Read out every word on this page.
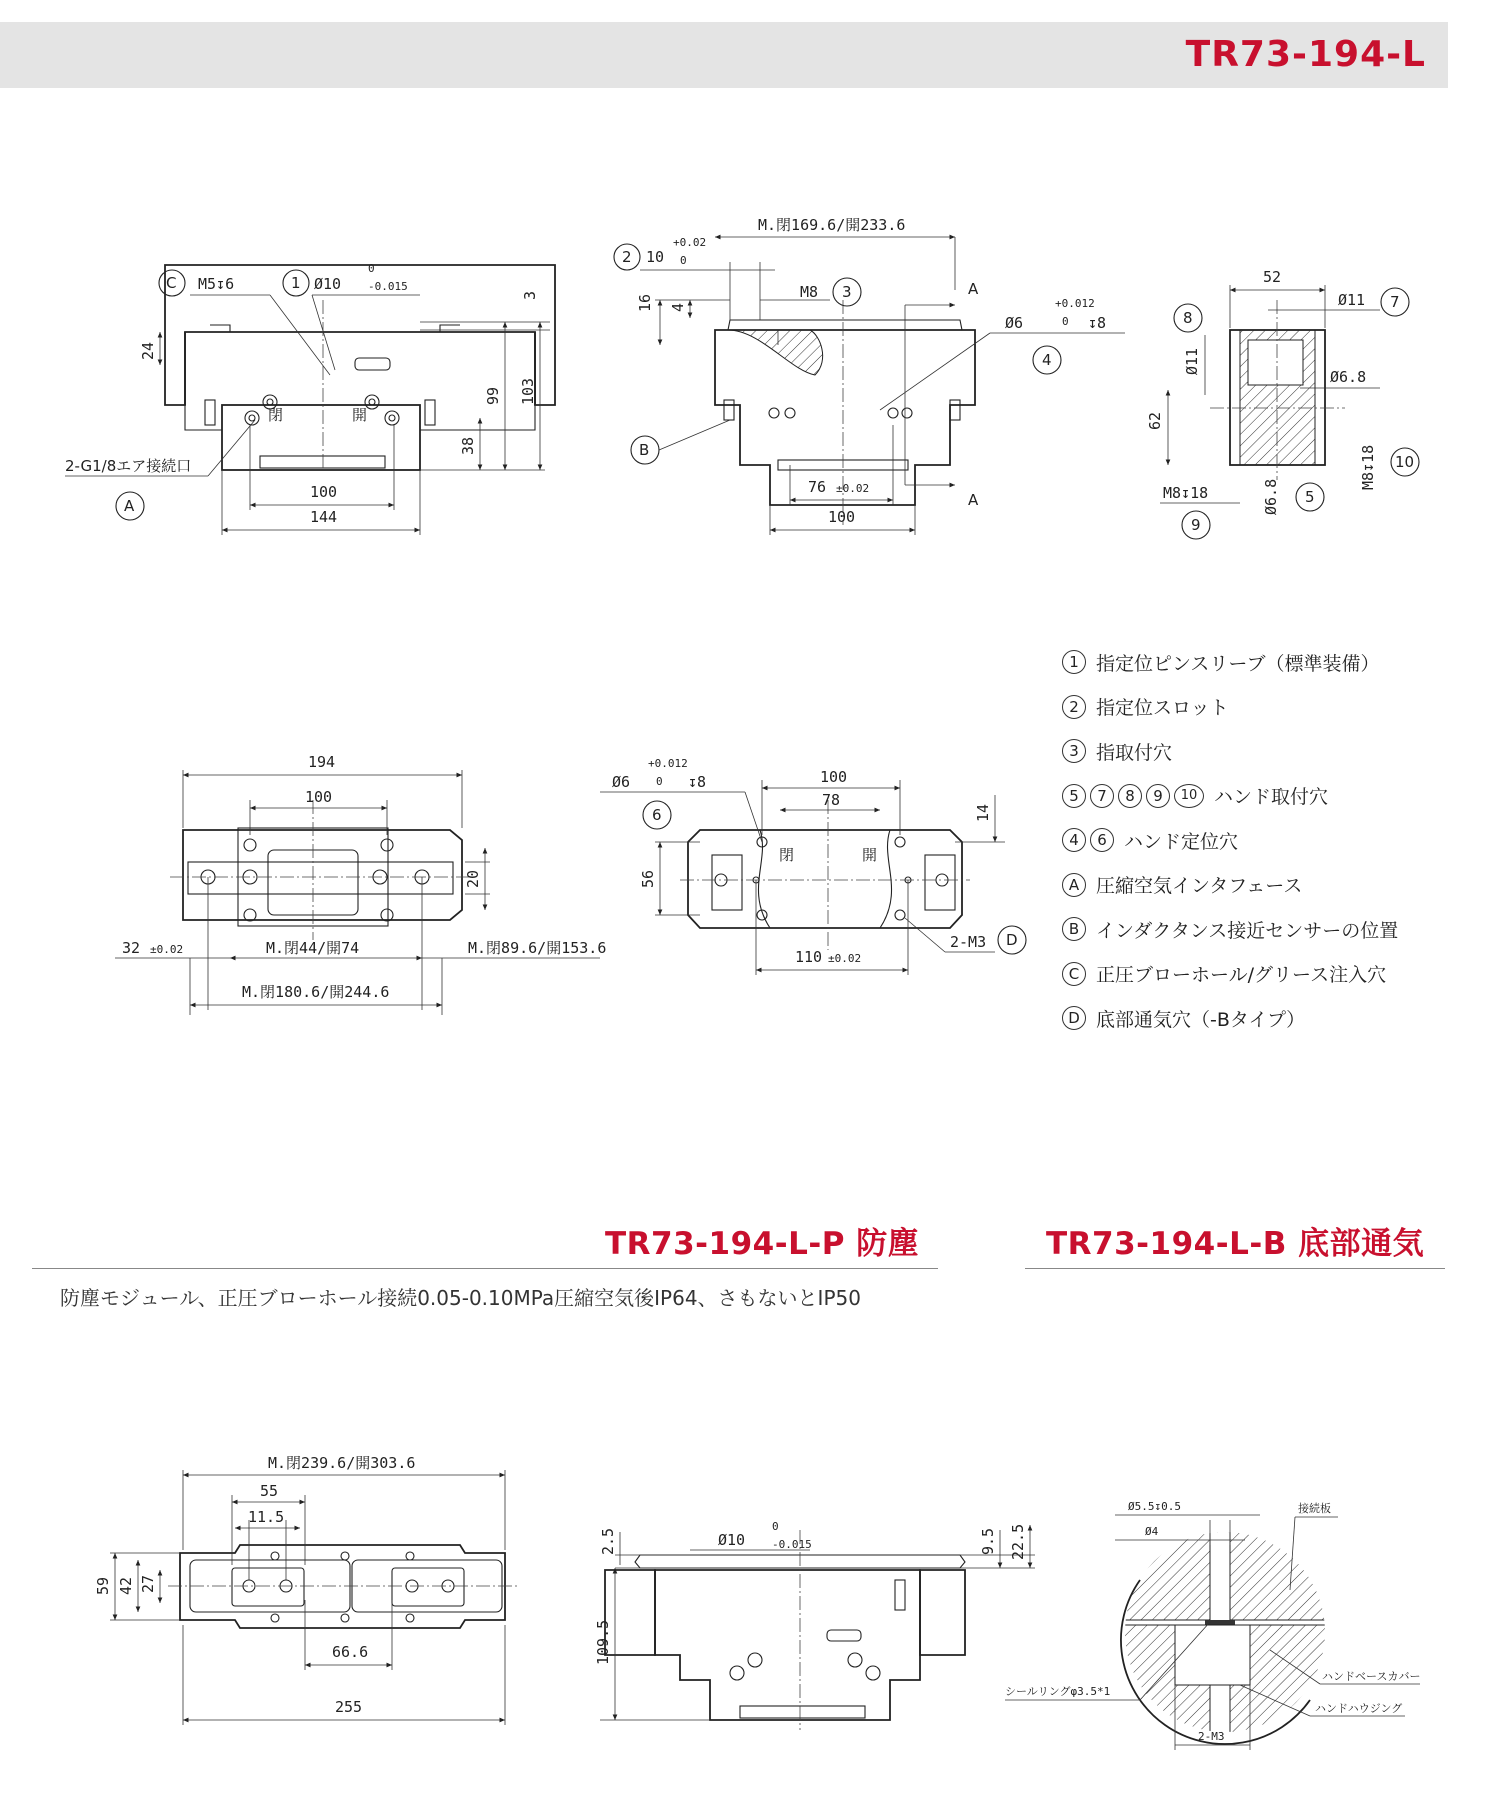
TR73-194-L
C M5↧6	1 Ø10
0
-0.015
3
99 103
38
24
100
144
閉	開
2-G1/8エア接続口
A
M.閉169.6/開233.6
2 10
+0.02
0
M8 3
16 4
A
A
Ø6
+0.012
0 ↧8
4
B
76 ±0.02
100
52
Ø11 7
8
Ø11
Ø6.8
62
M8↧18
9
Ø6.8 5
M8↧18 10
194
100
20
32 ±0.02	M.閉44/開74	M.閉89.6/開153.6
M.閉180.6/開244.6
閉	開
Ø6
+0.012
0 ↧8
6
100
78
14
56
110 ±0.02
2-M3 D
M.閉239.6/開303.6
55
11.5
59 42 27
66.6
255
2.5	Ø10
0
-0.015	9.5 22.5
109.5
Ø5.5↧0.5
Ø4
接続板
シールリングφ3.5*1
ハンドベースカバー
ハンドハウジング
2-M3
1 指定位ピンスリーブ（標準装備）
2 指定位スロット
3 指取付穴
5	7	8	9	10 ハンド取付穴
4	6 ハンド定位穴
A 圧縮空気インタフェース
B インダクタンス接近センサーの位置
C 正圧ブローホール/グリース注入穴
D 底部通気穴（-Bタイプ）
TR73-194-L-P 防塵
防塵モジュール、正圧ブローホール接続0.05-0.10MPa圧縮空気後IP64、さもないとIP50
TR73-194-L-B 底部通気
